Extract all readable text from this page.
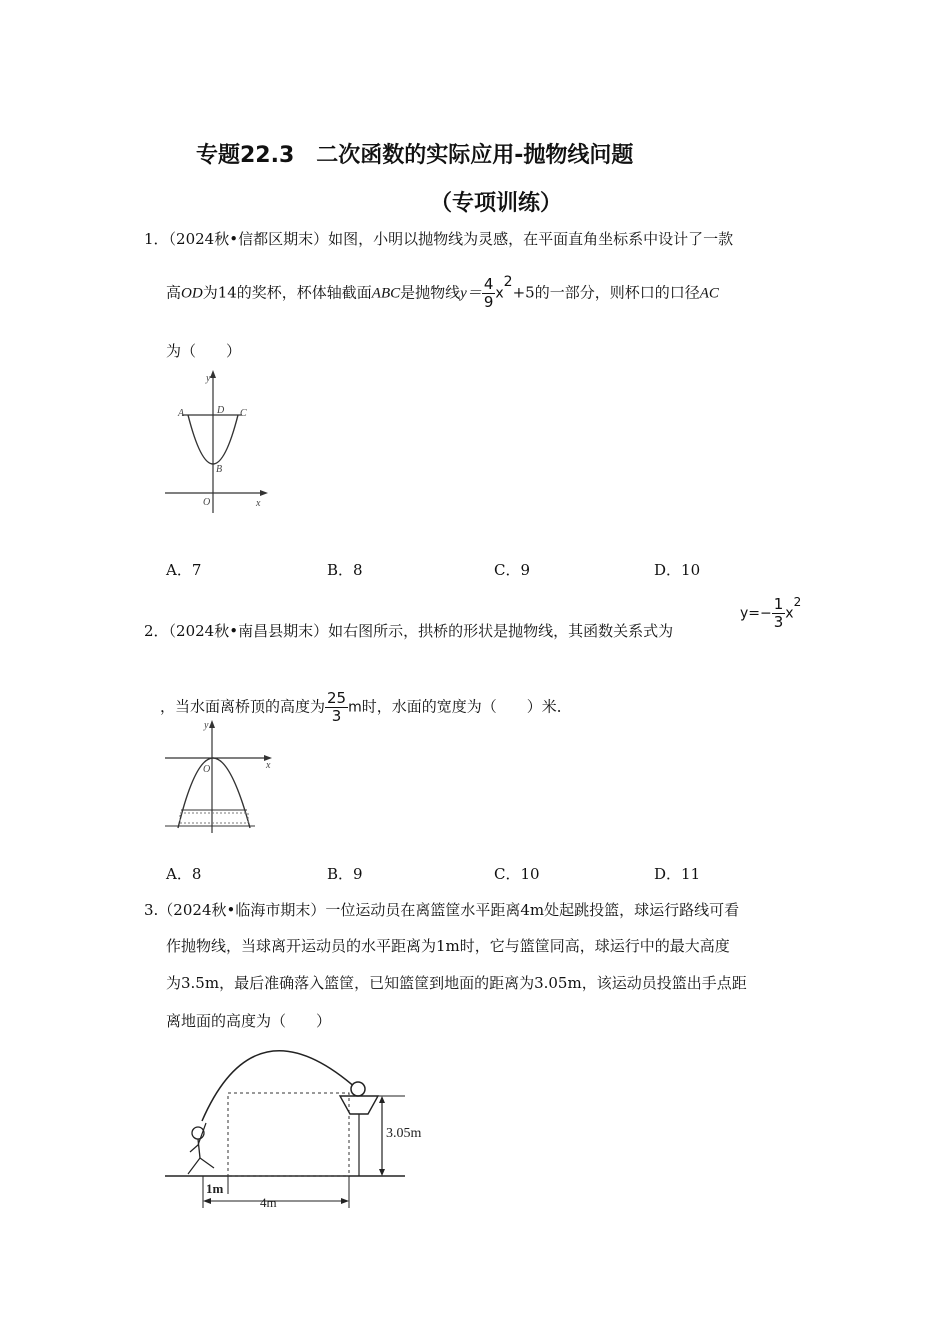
专题22.3　二次函数的实际应用-抛物线问题
（专项训练）
1．（2024秋•信都区期末）如图，小明以抛物线为灵感，在平面直角坐标系中设计了一款
高OD为14的奖杯，杯体轴截面ABC是抛物线$y= \frac{4}{9} x2+5$的一部分，则杯口的口径AC
为（　　）
y
x
A	D C
B
O
A．7	B．8	C．9	D．10
2．（2024秋•南昌县期末）如右图所示，拱桥的形状是抛物线，其函数关系式为
$y=- \frac{1}{3} x2$
，当水面离桥顶的高度为 $\frac{25}{3}$ m时，水面的宽度为（　　）米．
y
x
O
A．8	B．9	C．10	D．11
3.（2024秋•临海市期末）一位运动员在离篮筐水平距离4m处起跳投篮，球运行路线可看
作抛物线，当球离开运动员的水平距离为1m时，它与篮筐同高，球运行中的最大高度
为3.5m，最后准确落入篮筐，已知篮筐到地面的距离为3.05m，该运动员投篮出手点距
离地面的高度为（　　）
3.05m
1m
4m
